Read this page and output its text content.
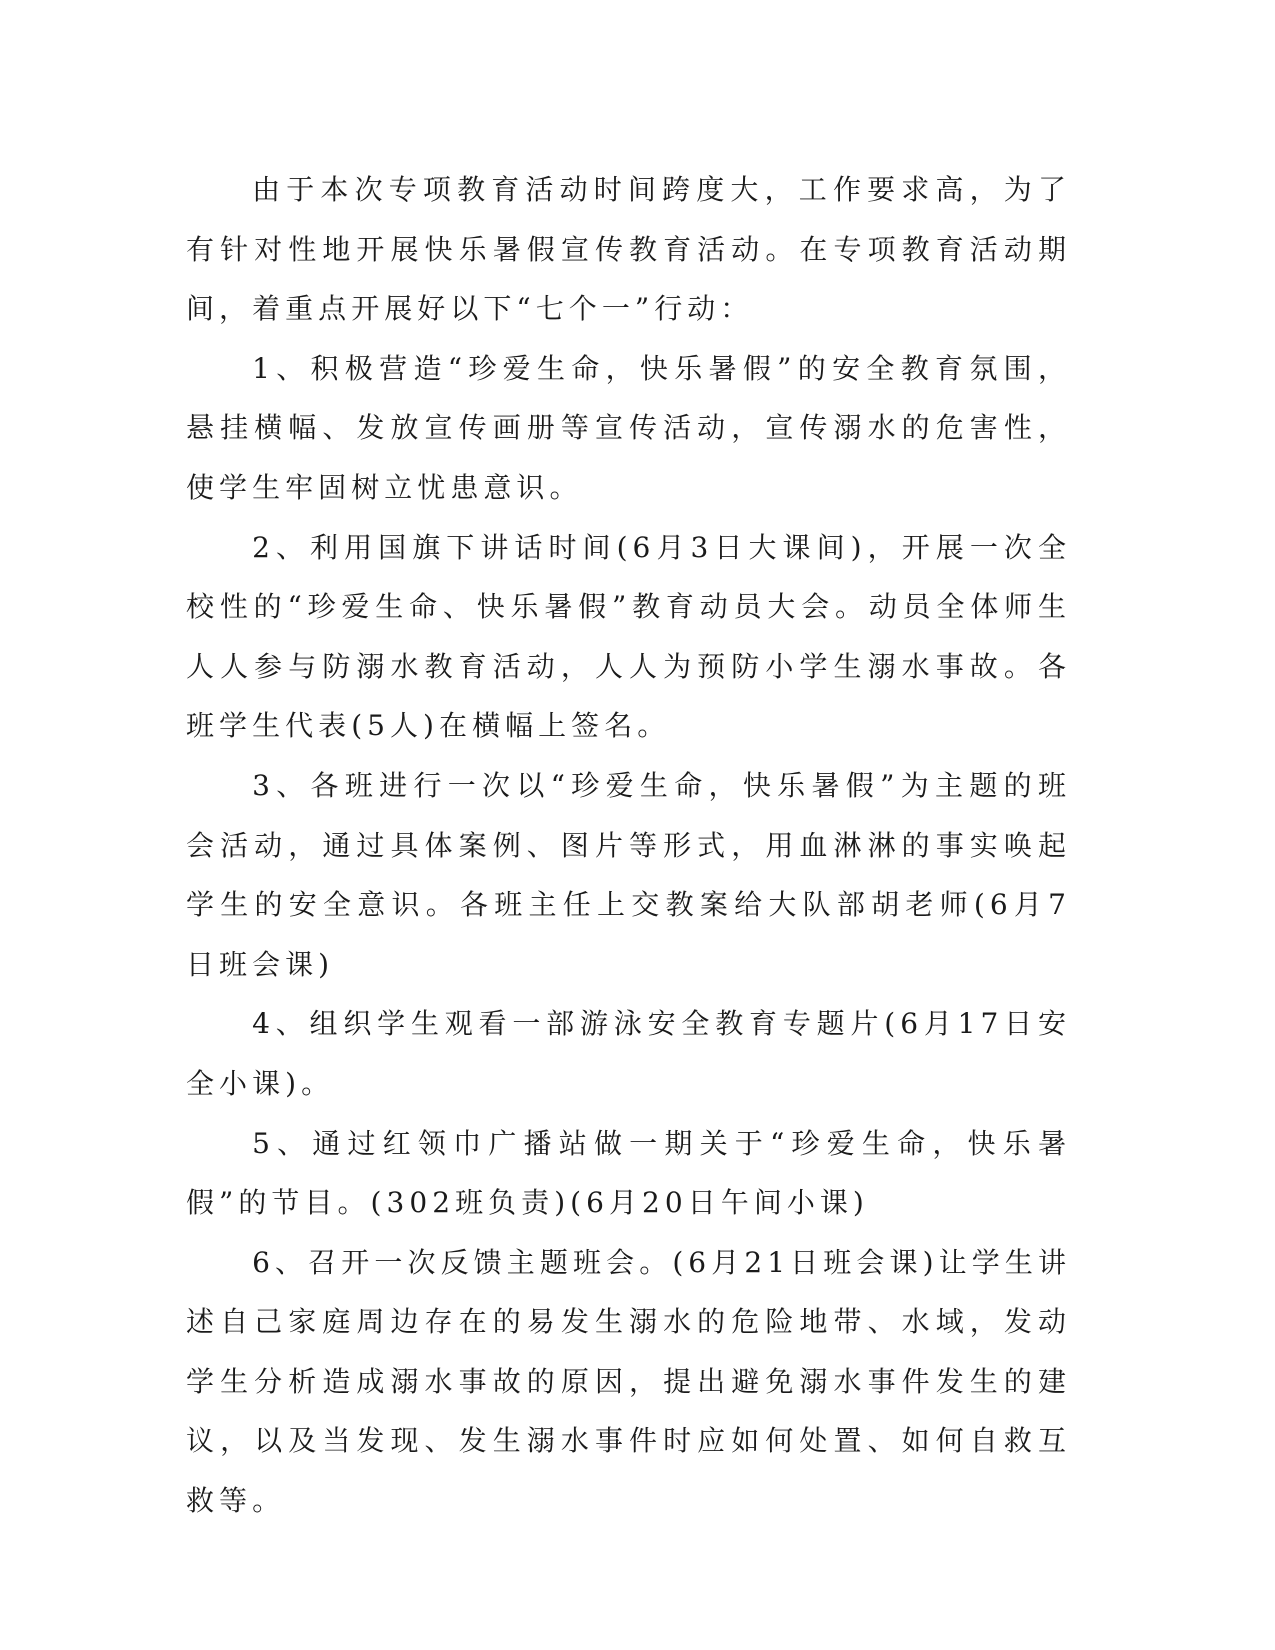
由于本次专项教育活动时间跨度大，工作要求高，为了有针对性地开展快乐暑假宣传教育活动。在专项教育活动期间，着重点开展好以下“七个一”行动：

1、积极营造“珍爱生命，快乐暑假”的安全教育氛围，悬挂横幅、发放宣传画册等宣传活动，宣传溺水的危害性，使学生牢固树立忧患意识。

2、利用国旗下讲话时间(6月3日大课间)，开展一次全校性的“珍爱生命、快乐暑假”教育动员大会。动员全体师生人人参与防溺水教育活动，人人为预防小学生溺水事故。各班学生代表(5人)在横幅上签名。

3、各班进行一次以“珍爱生命，快乐暑假”为主题的班会活动，通过具体案例、图片等形式，用血淋淋的事实唤起学生的安全意识。各班主任上交教案给大队部胡老师(6月7日班会课)

4、组织学生观看一部游泳安全教育专题片(6月17日安全小课)。

5、通过红领巾广播站做一期关于“珍爱生命，快乐暑假”的节目。(302班负责)(6月20日午间小课)

6、召开一次反馈主题班会。(6月21日班会课)让学生讲述自己家庭周边存在的易发生溺水的危险地带、水域，发动学生分析造成溺水事故的原因，提出避免溺水事件发生的建议，以及当发现、发生溺水事件时应如何处置、如何自救互救等。
